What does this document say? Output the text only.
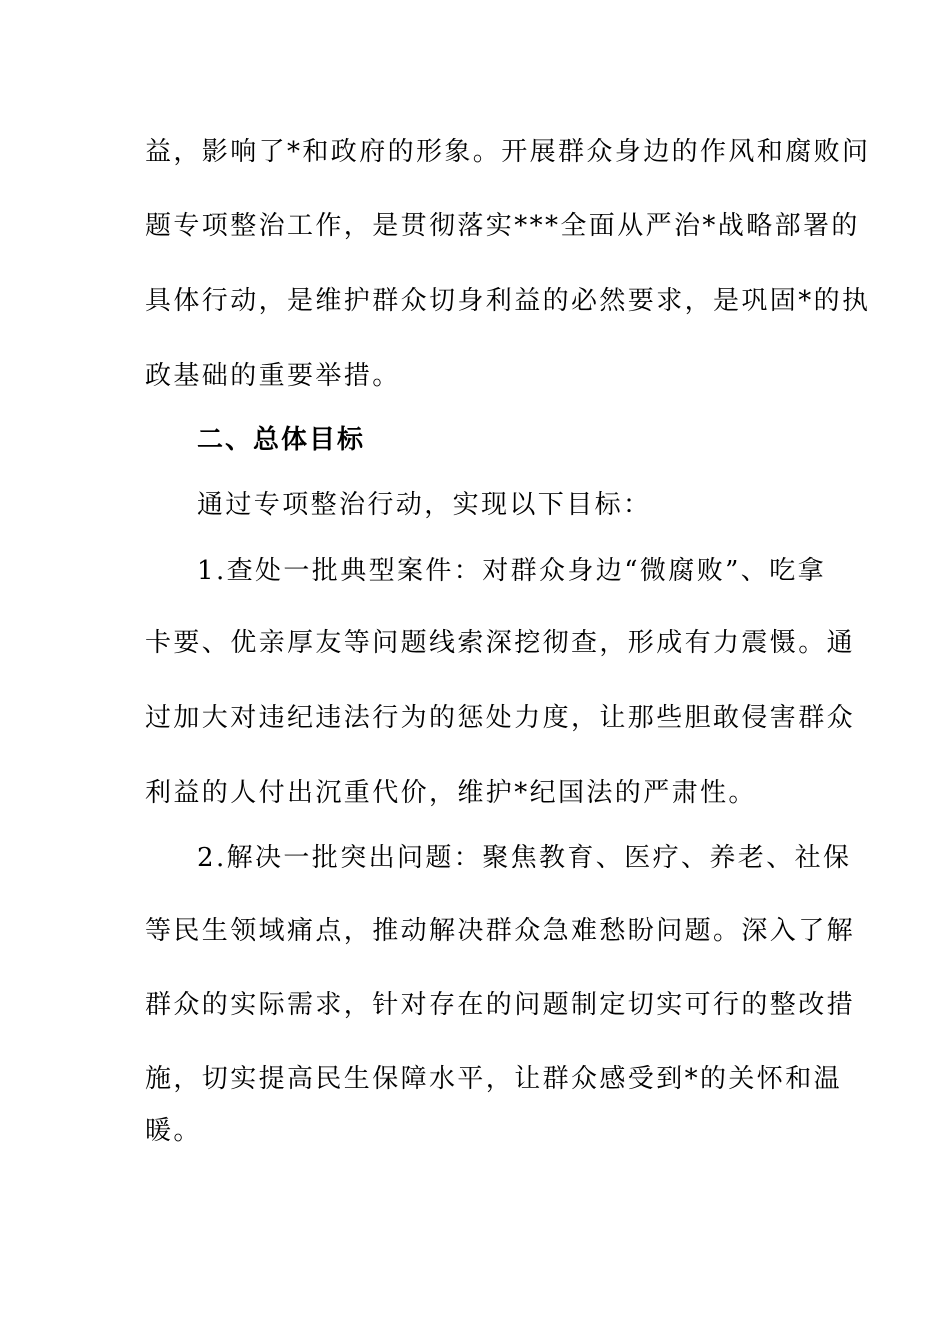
益，影响了*和政府的形象。开展群众身边的作风和腐败问
题专项整治工作，是贯彻落实***全面从严治*战略部署的
具体行动，是维护群众切身利益的必然要求，是巩固*的执
政基础的重要举措。
二、总体目标
通过专项整治行动，实现以下目标：
1.查处一批典型案件：对群众身边“微腐败”、吃拿
卡要、优亲厚友等问题线索深挖彻查，形成有力震慑。通
过加大对违纪违法行为的惩处力度，让那些胆敢侵害群众
利益的人付出沉重代价，维护*纪国法的严肃性。
2.解决一批突出问题：聚焦教育、医疗、养老、社保
等民生领域痛点，推动解决群众急难愁盼问题。深入了解
群众的实际需求，针对存在的问题制定切实可行的整改措
施，切实提高民生保障水平，让群众感受到*的关怀和温
暖。
